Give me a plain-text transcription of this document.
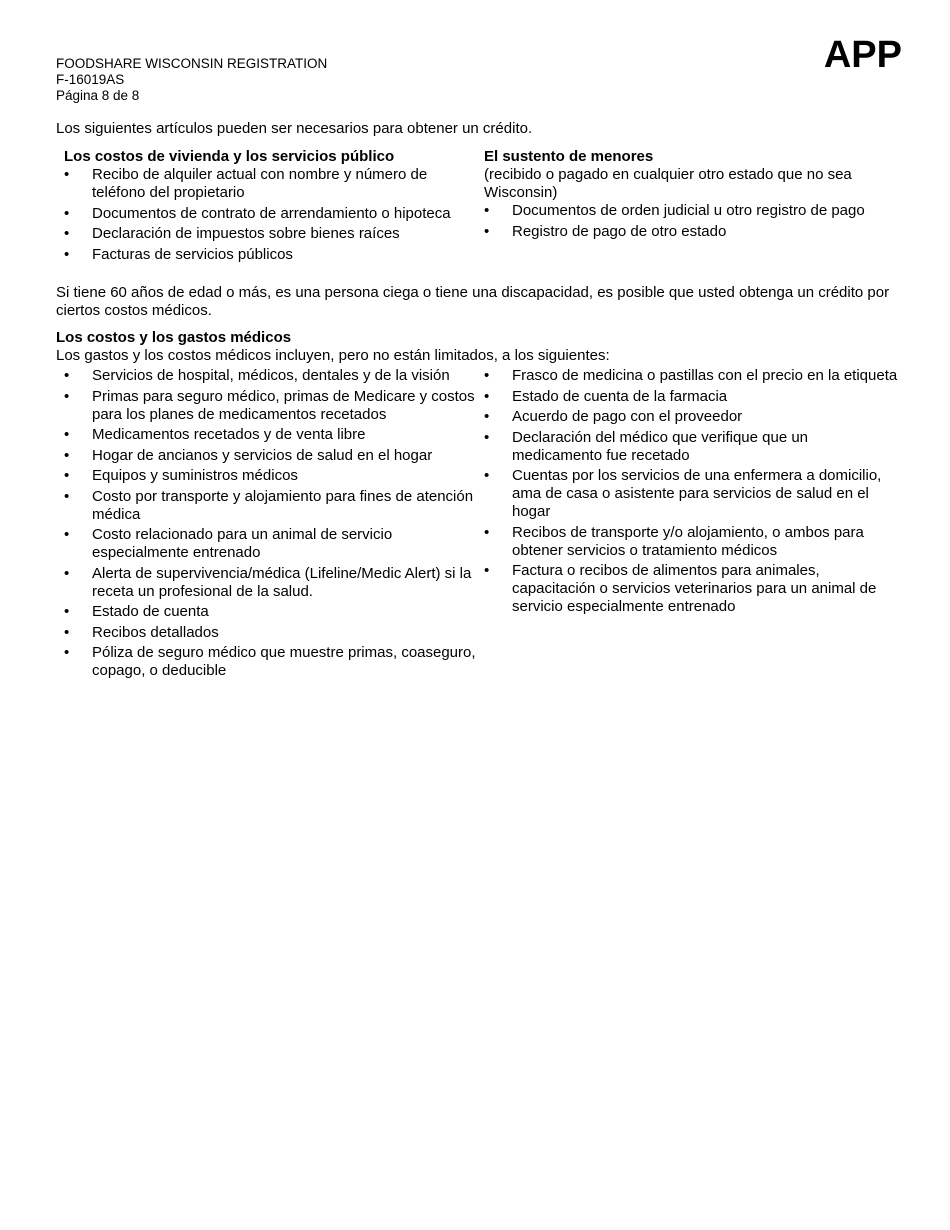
FOODSHARE WISCONSIN REGISTRATION
F-16019AS
Página 8 de 8
APP
Los siguientes artículos pueden ser necesarios para obtener un crédito.

Los costos de vivienda y los servicios público

• Recibo de alquiler actual con nombre y número de teléfono del propietario
• Documentos de contrato de arrendamiento o hipoteca
• Declaración de impuestos sobre bienes raíces
• Facturas de servicios públicos

El sustento de menores

(recibido o pagado en cualquier otro estado que no sea Wisconsin)

• Documentos de orden judicial u otro registro de pago
• Registro de pago de otro estado
Si tiene 60 años de edad o más, es una persona ciega o tiene una discapacidad, es posible que usted obtenga un crédito por ciertos costos médicos.

Los costos y los gastos médicos

Los gastos y los costos médicos incluyen, pero no están limitados, a los siguientes:

• Servicios de hospital, médicos, dentales y de la visión
• Primas para seguro médico, primas de Medicare y costos para los planes de medicamentos recetados
• Medicamentos recetados y de venta libre
• Hogar de ancianos y servicios de salud en el hogar
• Equipos y suministros médicos
• Costo por transporte y alojamiento para fines de atención médica
• Costo relacionado para un animal de servicio especialmente entrenado
• Alerta de supervivencia/médica (Lifeline/Medic Alert) si la receta un profesional de la salud.
• Estado de cuenta
• Recibos detallados
• Póliza de seguro médico que muestre primas, coaseguro, copago, o deducible
• Frasco de medicina o pastillas con el precio en la etiqueta
• Estado de cuenta de la farmacia
• Acuerdo de pago con el proveedor
• Declaración del médico que verifique que un medicamento fue recetado
• Cuentas por los servicios de una enfermera a domicilio, ama de casa o asistente para servicios de salud en el hogar
• Recibos de transporte y/o alojamiento, o ambos para obtener servicios o tratamiento médicos
• Factura o recibos de alimentos para animales, capacitación o servicios veterinarios para un animal de servicio especialmente entrenado
